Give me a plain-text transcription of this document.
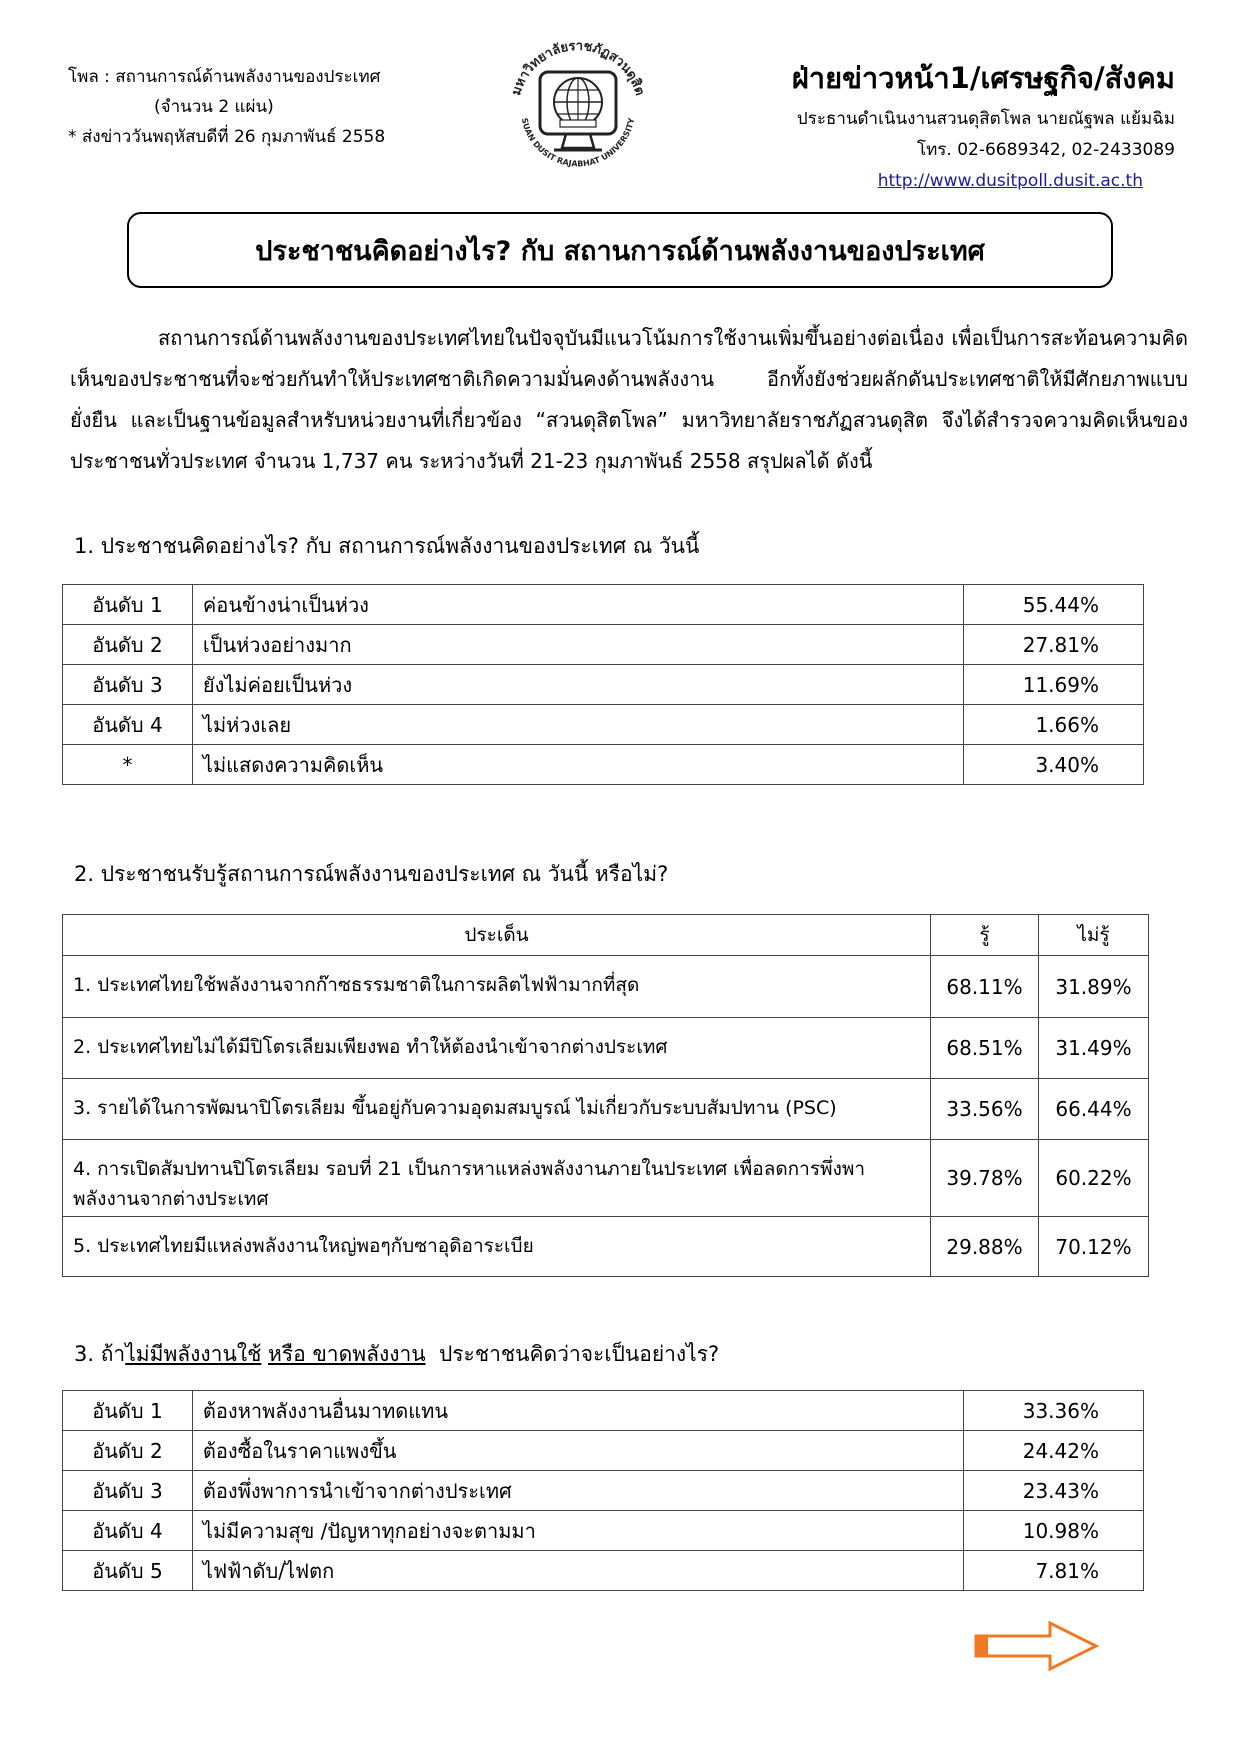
โพล : สถานการณ์ด้านพลังงานของประเทศ
(จำนวน 2 แผ่น)
* ส่งข่าววันพฤหัสบดีที่ 26 กุมภาพันธ์ 2558
มหาวิทยาลัยราชภัฏสวนดุสิต
SUAN DUSIT RAJABHAT UNIVERSITY
ฝ่ายข่าวหน้า1/เศรษฐกิจ/สังคม
ประธานดำเนินงานสวนดุสิตโพล นายณัฐพล แย้มฉิม
โทร. 02-6689342, 02-2433089
http://www.dusitpoll.dusit.ac.th
ประชาชนคิดอย่างไร? กับ สถานการณ์ด้านพลังงานของประเทศ

สถานการณ์ด้านพลังงานของประเทศไทยในปัจจุบันมีแนวโน้มการใช้งานเพิ่มขึ้นอย่างต่อเนื่อง เพื่อเป็นการสะท้อนความคิดเห็นของประชาชนที่จะช่วยกันทำให้ประเทศชาติเกิดความมั่นคงด้านพลังงาน อีกทั้งยังช่วยผลักดันประเทศชาติให้มีศักยภาพแบบยั่งยืน และเป็นฐานข้อมูลสำหรับหน่วยงานที่เกี่ยวข้อง “สวนดุสิตโพล” มหาวิทยาลัยราชภัฏสวนดุสิต จึงได้สำรวจความคิดเห็นของประชาชนทั่วประเทศ จำนวน 1,737 คน ระหว่างวันที่ 21-23 กุมภาพันธ์ 2558 สรุปผลได้ ดังนี้

1. ประชาชนคิดอย่างไร? กับ สถานการณ์พลังงานของประเทศ ณ วันนี้
อันดับ 1	ค่อนข้างน่าเป็นห่วง	55.44%
อันดับ 2	เป็นห่วงอย่างมาก	27.81%
อันดับ 3	ยังไม่ค่อยเป็นห่วง	11.69%
อันดับ 4	ไม่ห่วงเลย	1.66%
*	ไม่แสดงความคิดเห็น	3.40%
2. ประชาชนรับรู้สถานการณ์พลังงานของประเทศ ณ วันนี้ หรือไม่?
ประเด็น	รู้	ไม่รู้
1. ประเทศไทยใช้พลังงานจากก๊าซธรรมชาติในการผลิตไฟฟ้ามากที่สุด	68.11%	31.89%
2. ประเทศไทยไม่ได้มีปิโตรเลียมเพียงพอ ทำให้ต้องนำเข้าจากต่างประเทศ	68.51%	31.49%
3. รายได้ในการพัฒนาปิโตรเลียม ขึ้นอยู่กับความอุดมสมบูรณ์ ไม่เกี่ยวกับระบบสัมปทาน (PSC)	33.56%	66.44%
4. การเปิดสัมปทานปิโตรเลียม รอบที่ 21 เป็นการหาแหล่งพลังงานภายในประเทศ เพื่อลดการพึ่งพาพลังงานจากต่างประเทศ	39.78%	60.22%
5. ประเทศไทยมีแหล่งพลังงานใหญ่พอๆกับซาอุดิอาระเบีย	29.88%	70.12%
3. ถ้าไม่มีพลังงานใช้ หรือ ขาดพลังงาน  ประชาชนคิดว่าจะเป็นอย่างไร?
อันดับ 1	ต้องหาพลังงานอื่นมาทดแทน	33.36%
อันดับ 2	ต้องซื้อในราคาแพงขึ้น	24.42%
อันดับ 3	ต้องพึ่งพาการนำเข้าจากต่างประเทศ	23.43%
อันดับ 4	ไม่มีความสุข /ปัญหาทุกอย่างจะตามมา	10.98%
อันดับ 5	ไฟฟ้าดับ/ไฟตก	7.81%
